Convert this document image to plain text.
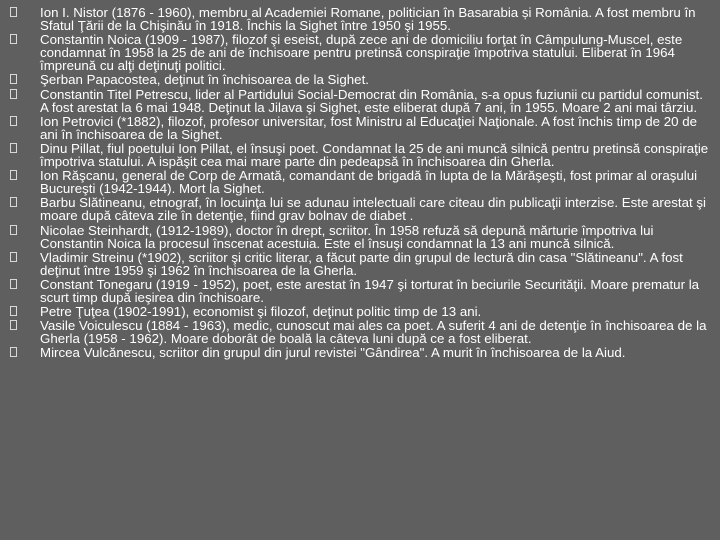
Ion I. Nistor (1876 - 1960), membru al Academiei Romane, politician în Basarabia și România. A fost membru în Sfatul Ţării de la Chişinău în 1918. Închis la Sighet între 1950 şi 1955.
Constantin Noica (1909 - 1987), filozof şi eseist, după zece ani de domiciliu forţat în Câmpulung-Muscel, este condamnat în 1958 la 25 de ani de închisoare pentru pretinsă conspiraţie împotriva statului. Eliberat în 1964 împreună cu alţi deţinuţi politici.
Şerban Papacostea, deţinut în închisoarea de la Sighet.
Constantin Titel Petrescu, lider al Partidului Social-Democrat din România, s-a opus fuziunii cu partidul comunist. A fost arestat la 6 mai 1948. Deţinut la Jilava şi Sighet, este eliberat după 7 ani, în 1955. Moare 2 ani mai târziu.
Ion Petrovici (*1882), filozof, profesor universitar, fost Ministru al Educaţiei Naţionale. A fost închis timp de 20 de ani în închisoarea de la Sighet.
Dinu Pillat, fiul poetului Ion Pillat, el însuşi poet. Condamnat la 25 de ani muncă silnică pentru pretinsă conspiraţie împotriva statului. A ispăşit cea mai mare parte din pedeapsă în închisoarea din Gherla.
Ion Răşcanu, general de Corp de Armată, comandant de brigadă în lupta de la Mărăşeşti, fost primar al oraşului Bucureşti (1942-1944). Mort la Sighet.
Barbu Slătineanu, etnograf, în locuinţa lui se adunau intelectuali care citeau din publicaţii interzise. Este arestat şi moare după câteva zile în detenţie, fiind grav bolnav de diabet .
Nicolae Steinhardt, (1912-1989), doctor în drept, scriitor. În 1958 refuză să depună mărturie împotriva lui Constantin Noica la procesul înscenat acestuia. Este el însuşi condamnat la 13 ani muncă silnică.
Vladimir Streinu (*1902), scriitor şi critic literar, a făcut parte din grupul de lectură din casa "Slătineanu". A fost deţinut între 1959 şi 1962 în închisoarea de la Gherla.
Constant Tonegaru (1919 - 1952), poet, este arestat în 1947 şi torturat în beciurile Securităţii. Moare prematur la scurt timp după ieşirea din închisoare.
Petre Ţuţea (1902-1991), economist şi filozof, deţinut politic timp de 13 ani.
Vasile Voiculescu (1884 - 1963), medic, cunoscut mai ales ca poet. A suferit 4 ani de detenţie în închisoarea de la Gherla (1958 - 1962). Moare doborât de boală la câteva luni după ce a fost eliberat.
Mircea Vulcănescu, scriitor din grupul din jurul revistei "Gândirea". A murit în închisoarea de la Aiud.
